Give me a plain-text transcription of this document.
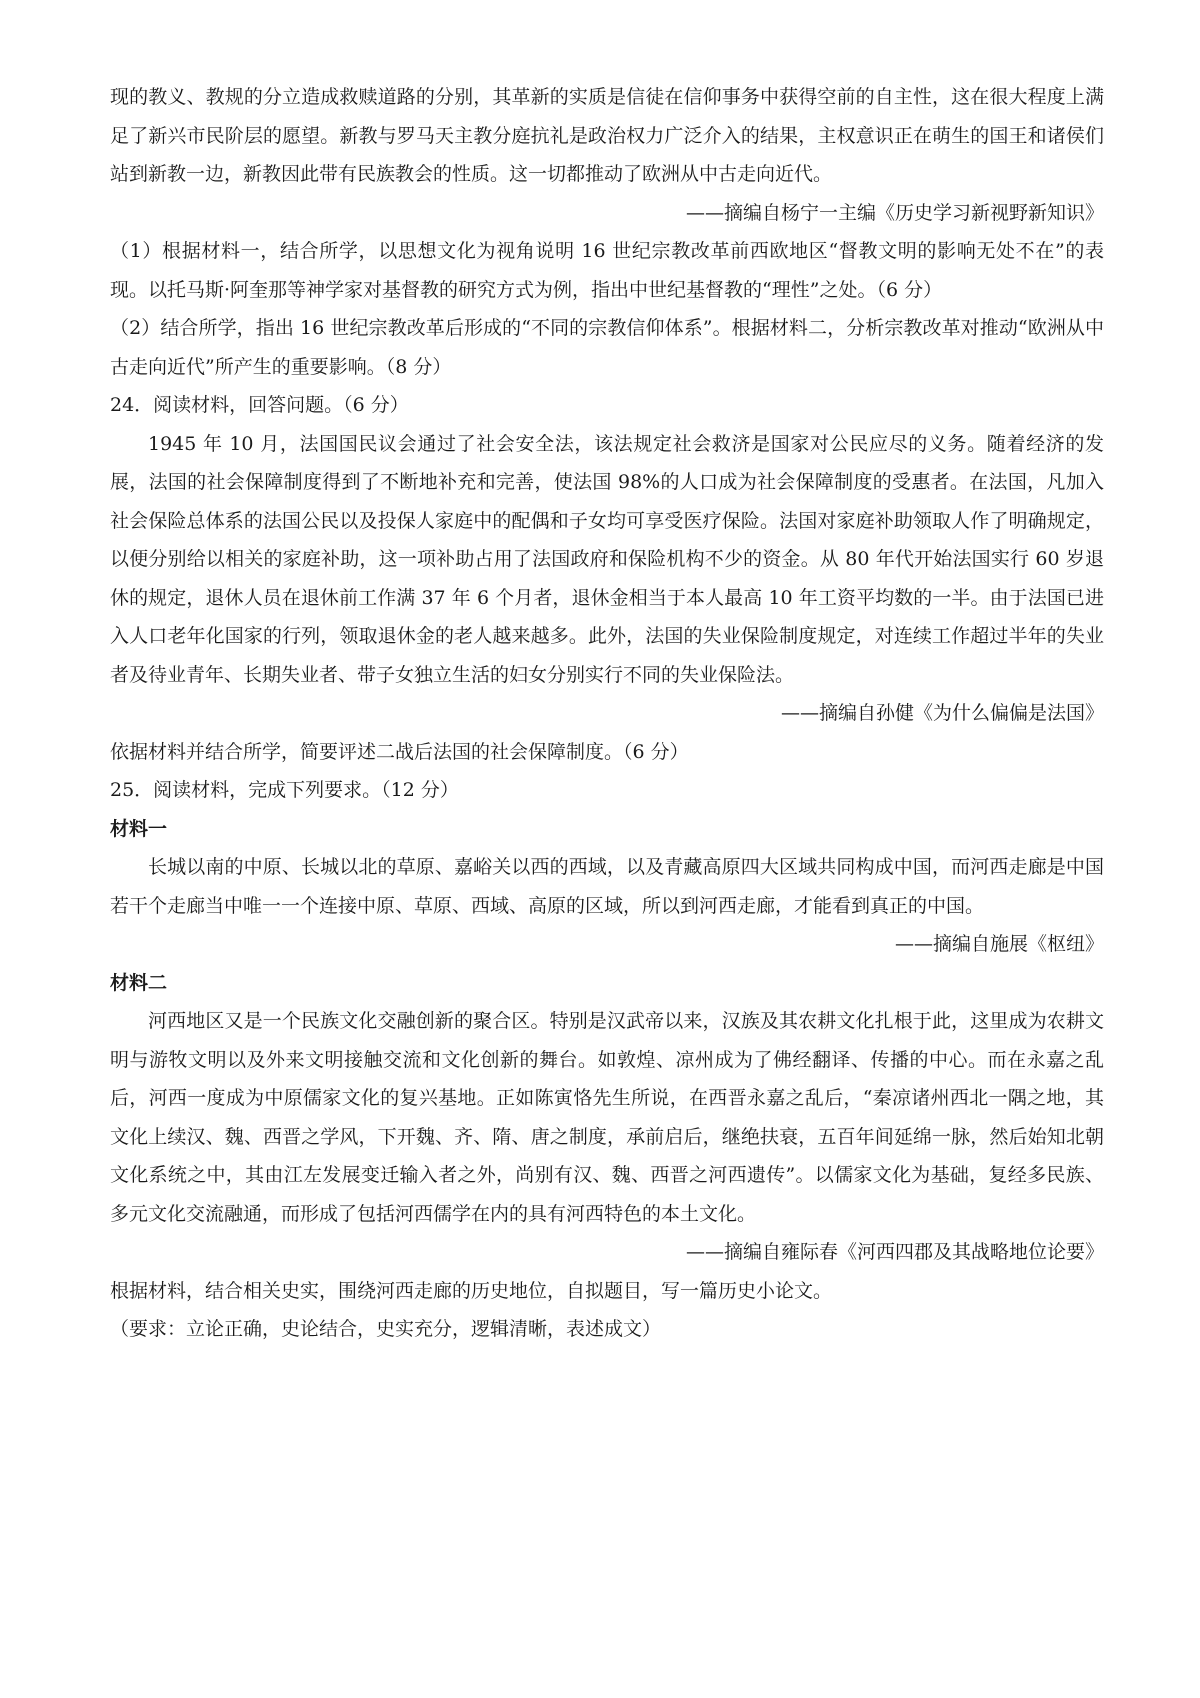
现的教义、教规的分立造成救赎道路的分别，其革新的实质是信徒在信仰事务中获得空前的自主性，这在很大程度上满足了新兴市民阶层的愿望。新教与罗马天主教分庭抗礼是政治权力广泛介入的结果，主权意识正在萌生的国王和诸侯们站到新教一边，新教因此带有民族教会的性质。这一切都推动了欧洲从中古走向近代。

——摘编自杨宁一主编《历史学习新视野新知识》

（1）根据材料一，结合所学，以思想文化为视角说明 16 世纪宗教改革前西欧地区“督教文明的影响无处不在”的表现。以托马斯·阿奎那等神学家对基督教的研究方式为例，指出中世纪基督教的“理性”之处。（6 分）

（2）结合所学，指出 16 世纪宗教改革后形成的“不同的宗教信仰体系”。根据材料二，分析宗教改革对推动“欧洲从中古走向近代”所产生的重要影响。（8 分）

24．阅读材料，回答问题。（6 分）

1945 年 10 月，法国国民议会通过了社会安全法，该法规定社会救济是国家对公民应尽的义务。随着经济的发展，法国的社会保障制度得到了不断地补充和完善，使法国 98%的人口成为社会保障制度的受惠者。在法国，凡加入社会保险总体系的法国公民以及投保人家庭中的配偶和子女均可享受医疗保险。法国对家庭补助领取人作了明确规定，以便分别给以相关的家庭补助，这一项补助占用了法国政府和保险机构不少的资金。从 80 年代开始法国实行 60 岁退休的规定，退休人员在退休前工作满 37 年 6 个月者，退休金相当于本人最高 10 年工资平均数的一半。由于法国已进入人口老年化国家的行列，领取退休金的老人越来越多。此外，法国的失业保险制度规定，对连续工作超过半年的失业者及待业青年、长期失业者、带子女独立生活的妇女分别实行不同的失业保险法。

——摘编自孙健《为什么偏偏是法国》

依据材料并结合所学，简要评述二战后法国的社会保障制度。（6 分）

25．阅读材料，完成下列要求。（12 分）

材料一

长城以南的中原、长城以北的草原、嘉峪关以西的西域，以及青藏高原四大区域共同构成中国，而河西走廊是中国若干个走廊当中唯一一个连接中原、草原、西域、高原的区域，所以到河西走廊，才能看到真正的中国。

——摘编自施展《枢纽》

材料二

河西地区又是一个民族文化交融创新的聚合区。特别是汉武帝以来，汉族及其农耕文化扎根于此，这里成为农耕文明与游牧文明以及外来文明接触交流和文化创新的舞台。如敦煌、凉州成为了佛经翻译、传播的中心。而在永嘉之乱后，河西一度成为中原儒家文化的复兴基地。正如陈寅恪先生所说，在西晋永嘉之乱后，“秦凉诸州西北一隅之地，其文化上续汉、魏、西晋之学风，下开魏、齐、隋、唐之制度，承前启后，继绝扶衰，五百年间延绵一脉，然后始知北朝文化系统之中，其由江左发展变迁输入者之外，尚别有汉、魏、西晋之河西遗传”。以儒家文化为基础，复经多民族、多元文化交流融通，而形成了包括河西儒学在内的具有河西特色的本土文化。

——摘编自雍际春《河西四郡及其战略地位论要》

根据材料，结合相关史实，围绕河西走廊的历史地位，自拟题目，写一篇历史小论文。

（要求：立论正确，史论结合，史实充分，逻辑清晰，表述成文）
